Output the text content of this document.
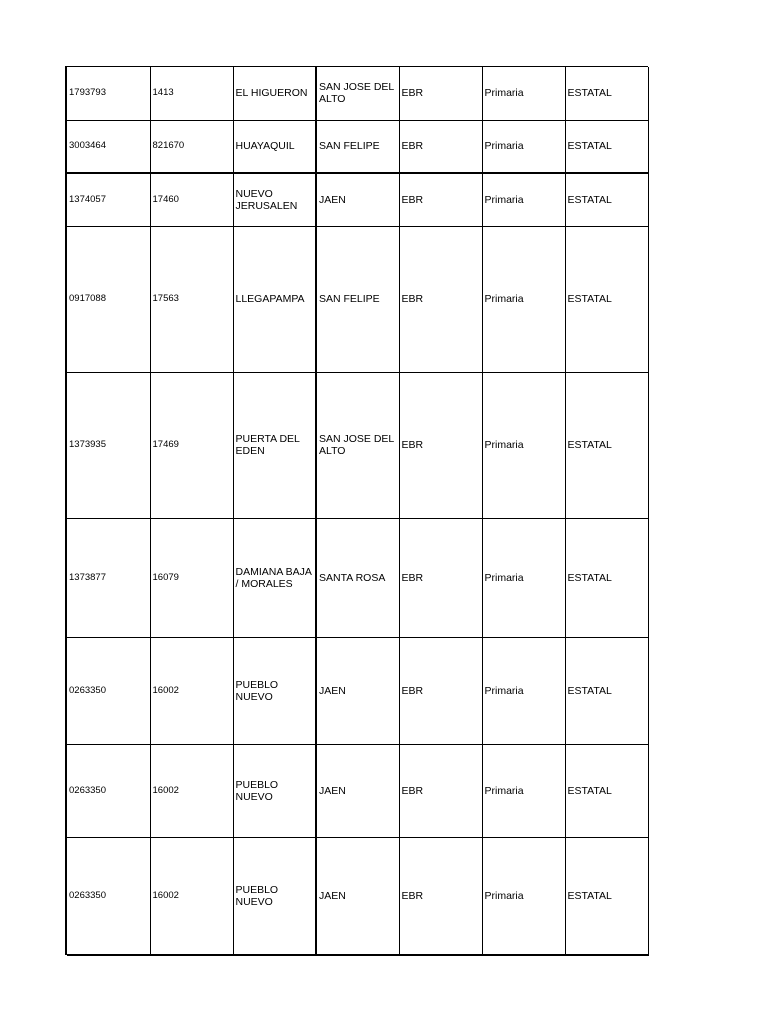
1793793	1413	EL HIGUERON	SAN JOSE DEL ALTO	EBR	Primaria	ESTATAL
3003464	821670	HUAYAQUIL	SAN FELIPE	EBR	Primaria	ESTATAL
1374057	17460	NUEVO JERUSALEN	JAEN	EBR	Primaria	ESTATAL
0917088	17563	LLEGAPAMPA	SAN FELIPE	EBR	Primaria	ESTATAL
1373935	17469	PUERTA DEL EDEN	SAN JOSE DEL ALTO	EBR	Primaria	ESTATAL
1373877	16079	DAMIANA BAJA / MORALES	SANTA ROSA	EBR	Primaria	ESTATAL
0263350	16002	PUEBLO NUEVO	JAEN	EBR	Primaria	ESTATAL
0263350	16002	PUEBLO NUEVO	JAEN	EBR	Primaria	ESTATAL
0263350	16002	PUEBLO NUEVO	JAEN	EBR	Primaria	ESTATAL
